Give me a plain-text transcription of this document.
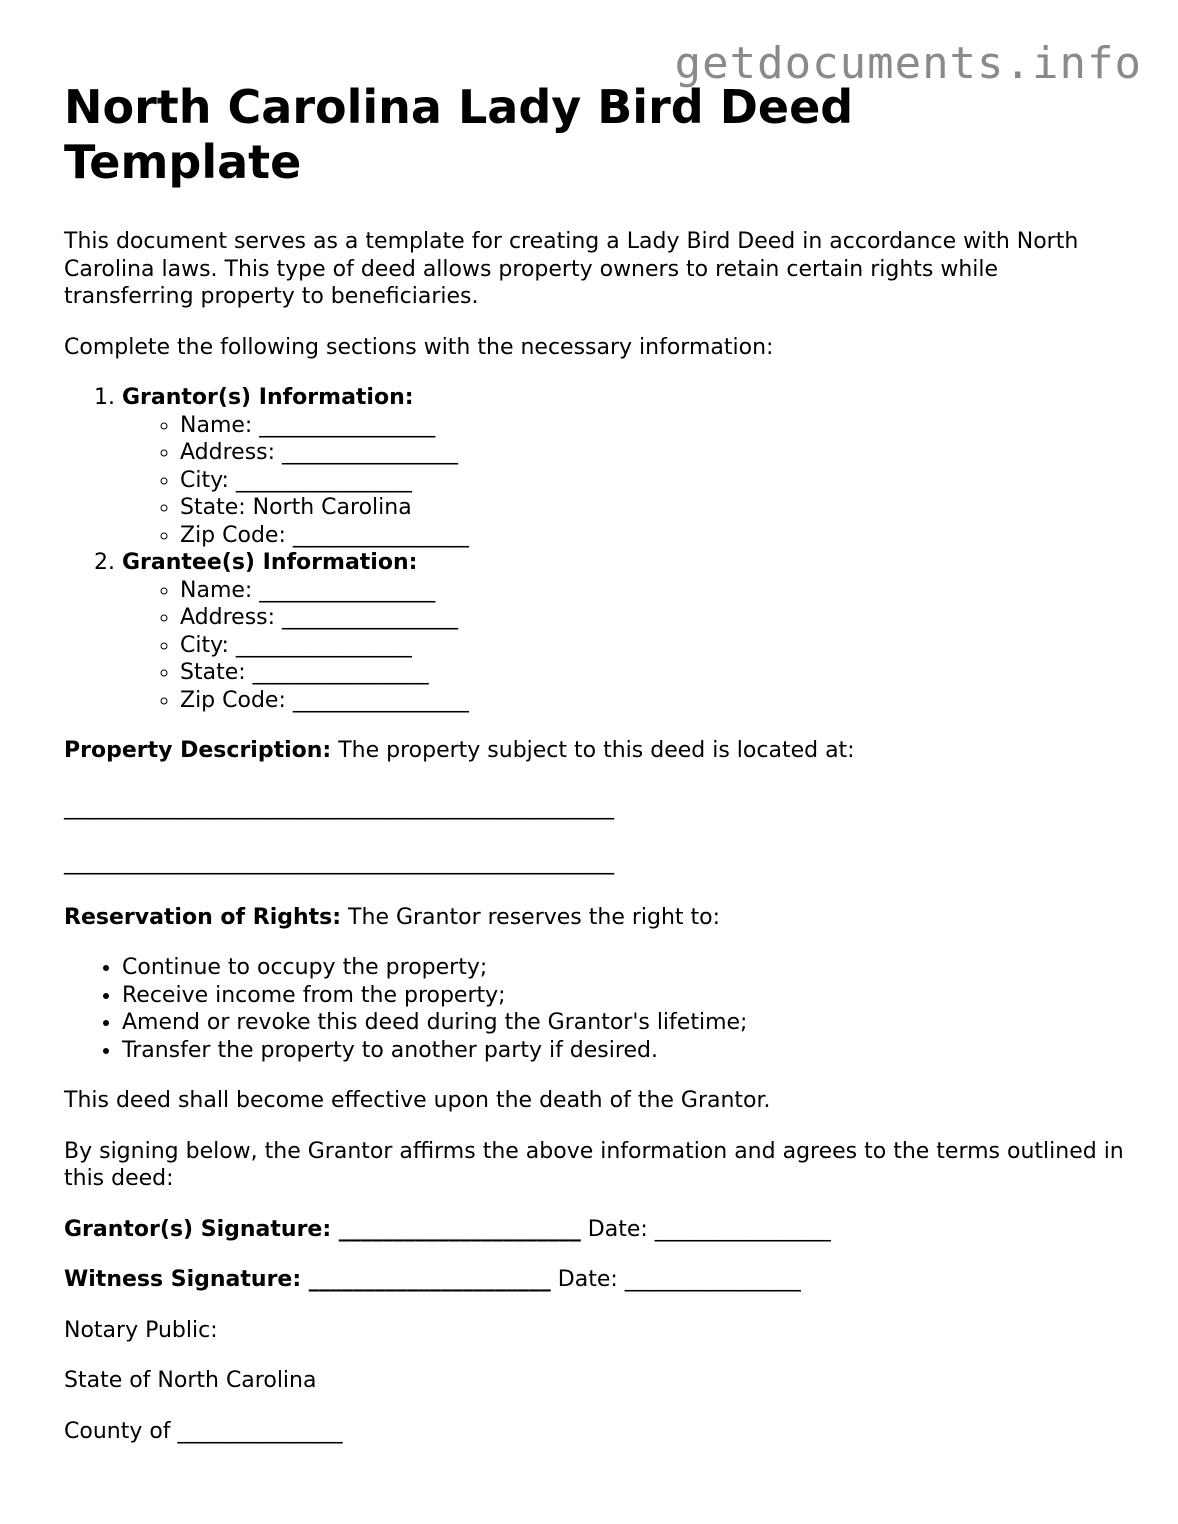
getdocuments.info
North Carolina Lady Bird Deed Template

This document serves as a template for creating a Lady Bird Deed in accordance with North Carolina laws. This type of deed allows property owners to retain certain rights while transferring property to beneficiaries.

Complete the following sections with the necessary information:

1. Grantor(s) Information:
◦ Name: ________________
◦ Address: ________________
◦ City: ________________
◦ State: North Carolina
◦ Zip Code: ________________
2. Grantee(s) Information:
◦ Name: ________________
◦ Address: ________________
◦ City: ________________
◦ State: ________________
◦ Zip Code: ________________

Property Description: The property subject to this deed is located at:

__________________________________________________
__________________________________________________

Reservation of Rights: The Grantor reserves the right to:

• Continue to occupy the property;
• Receive income from the property;
• Amend or revoke this deed during the Grantor's lifetime;
• Transfer the property to another party if desired.

This deed shall become effective upon the death of the Grantor.

By signing below, the Grantor affirms the above information and agrees to the terms outlined in this deed:

Grantor(s) Signature: ______________________ Date: ________________

Witness Signature: ______________________ Date: ________________

Notary Public:

State of North Carolina

County of _______________
